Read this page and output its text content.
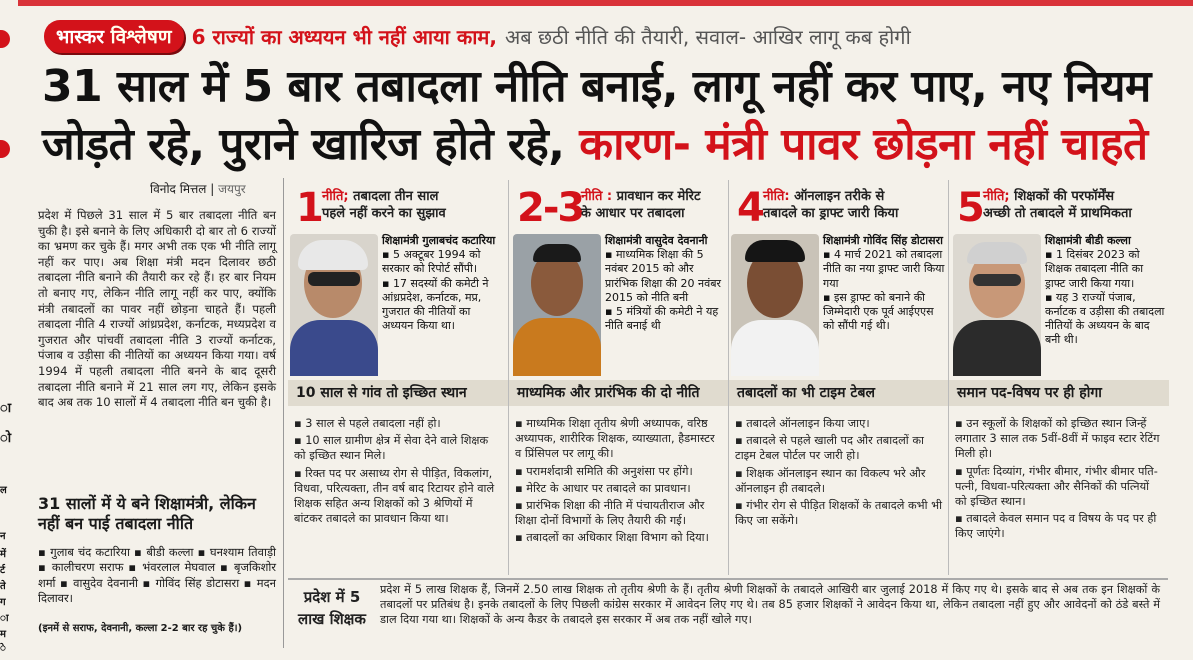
ा
ो
न
में
र्ट
ते
ग
ा
म
े
ल
भास्कर विश्लेषण	6 राज्यों का अध्ययन भी नहीं आया काम, अब छठी नीति की तैयारी, सवाल- आखिर लागू कब होगी
31 साल में 5 बार तबादला नीति बनाई, लागू नहीं कर पाए, नए नियम
जोड़ते रहे, पुराने खारिज होते रहे, कारण- मंत्री पावर छोड़ना नहीं चाहते
विनोद मित्तल | जयपुर
प्रदेश में पिछले 31 साल में 5 बार तबादला नीति बन चुकी है। इसे बनाने के लिए अधिकारी दो बार तो 6 राज्यों का भ्रमण कर चुके हैं। मगर अभी तक एक भी नीति लागू नहीं कर पाए। अब शिक्षा मंत्री मदन दिलावर छठी तबादला नीति बनाने की तैयारी कर रहे हैं। हर बार नियम तो बनाए गए, लेकिन नीति लागू नहीं कर पाए, क्योंकि मंत्री तबादलों का पावर नहीं छोड़ना चाहते हैं। पहली तबादला नीति 4 राज्यों आंध्रप्रदेश, कर्नाटक, मध्यप्रदेश व गुजरात और पांचवीं तबादला नीति 3 राज्यों कर्नाटक, पंजाब व उड़ीसा की नीतियों का अध्ययन किया गया। वर्ष 1994 में पहली तबादला नीति बनने के बाद दूसरी तबादला नीति बनाने में 21 साल लग गए, लेकिन इसके बाद अब तक 10 सालों में 4 तबादला नीति बन चुकी है।
31 सालों में ये बने शिक्षामंत्री, लेकिन नहीं बन पाई तबादला नीति
▪ गुलाब चंद कटारिया ▪ बीडी कल्ला ▪ घनश्याम तिवाड़ी ▪ कालीचरण सराफ ▪ भंवरलाल मेघवाल ▪ बृजकिशोर शर्मा ▪ वासुदेव देवनानी ▪ गोविंद सिंह डोटासरा ▪ मदन दिलावर।
(इनमें से सराफ, देवनानी, कल्ला 2-2 बार रह चुके हैं।)
1 नीति; तबादला तीन साल
पहले नहीं करने का सुझाव
शिक्षामंत्री गुलाबचंद कटारिया
▪ 5 अक्टूबर 1994 को सरकार को रिपोर्ट सौंपी।
▪ 17 सदस्यों की कमेटी ने आंध्रप्रदेश, कर्नाटक, मप्र, गुजरात की नीतियों का अध्ययन किया था।
10 साल से गांव तो इच्छित स्थान
▪ 3 साल से पहले तबादला नहीं हो।
▪ 10 साल ग्रामीण क्षेत्र में सेवा देने वाले शिक्षक को इच्छित स्थान मिले।
▪ रिक्त पद पर असाध्य रोग से पीड़ित, विकलांग, विधवा, परित्यक्ता, तीन वर्ष बाद रिटायर होने वाले शिक्षक सहित अन्य शिक्षकों को 3 श्रेणियों में बांटकर तबादले का प्रावधान किया था।
2-3
नीति : प्रावधान कर मेरिट
के आधार पर तबादला
शिक्षामंत्री वासुदेव देवनानी
▪ माध्यमिक शिक्षा की 5 नवंबर 2015 को और प्रारंभिक शिक्षा की 20 नवंबर 2015 को नीति बनी
▪ 5 मंत्रियों की कमेटी ने यह नीति बनाई थी
माध्यमिक और प्रारंभिक की दो नीति
▪ माध्यमिक शिक्षा तृतीय श्रेणी अध्यापक, वरिष्ठ अध्यापक, शारीरिक शिक्षक, व्याख्याता, हैडमास्टर व प्रिंसिपल पर लागू की।
▪ परामर्शदात्री समिति की अनुशंसा पर होंगे।
▪ मेरिट के आधार पर तबादले का प्रावधान।
▪ प्रारंभिक शिक्षा की नीति में पंचायतीराज और शिक्षा दोनों विभागों के लिए तैयारी की गई।
▪ तबादलों का अधिकार शिक्षा विभाग को दिया।
4 नीति: ऑनलाइन तरीके से
तबादले का ड्राफ्ट जारी किया
शिक्षामंत्री गोविंद सिंह डोटासरा
▪ 4 मार्च 2021 को तबादला नीति का नया ड्राफ्ट जारी किया गया
▪ इस ड्राफ्ट को बनाने की जिम्मेदारी एक पूर्व आईएएस को सौंपी गई थी।
तबादलों का भी टाइम टेबल
▪ तबादले ऑनलाइन किया जाए।
▪ तबादले से पहले खाली पद और तबादलों का टाइम टेबल पोर्टल पर जारी हो।
▪ शिक्षक ऑनलाइन स्थान का विकल्प भरे और ऑनलाइन ही तबादले।
▪ गंभीर रोग से पीड़ित शिक्षकों के तबादले कभी भी किए जा सकेंगे।
5 नीति; शिक्षकों की परफॉर्मेंस
अच्छी तो तबादले में प्राथमिकता
शिक्षामंत्री बीडी कल्ला
▪ 1 दिसंबर 2023 को शिक्षक तबादला नीति का ड्राफ्ट जारी किया गया।
▪ यह 3 राज्यों पंजाब, कर्नाटक व उड़ीसा की तबादला नीतियों के अध्ययन के बाद बनी थी।
समान पद-विषय पर ही होगा
▪ उन स्कूलों के शिक्षकों को इच्छित स्थान जिन्हें लगातार 3 साल तक 5वीं-8वीं में फाइव स्टार रेटिंग मिली हो।
▪ पूर्णतः दिव्यांग, गंभीर बीमार, गंभीर बीमार पति-पत्नी, विधवा-परित्यक्ता और सैनिकों की पत्नियों को इच्छित स्थान।
▪ तबादले केवल समान पद व विषय के पद पर ही किए जाएंगे।
प्रदेश में 5 लाख शिक्षक
प्रदेश में 5 लाख शिक्षक हैं, जिनमें 2.50 लाख शिक्षक तो तृतीय श्रेणी के हैं। तृतीय श्रेणी शिक्षकों के तबादले आखिरी बार जुलाई 2018 में किए गए थे। इसके बाद से अब तक इन शिक्षकों के तबादलों पर प्रतिबंध है। इनके तबादलों के लिए पिछली कांग्रेस सरकार में आवेदन लिए गए थे। तब 85 हजार शिक्षकों ने आवेदन किया था, लेकिन तबादला नहीं हुए और आवेदनों को ठंडे बस्ते में डाल दिया गया था। शिक्षकों के अन्य कैडर के तबादले इस सरकार में अब तक नहीं खोले गए।
